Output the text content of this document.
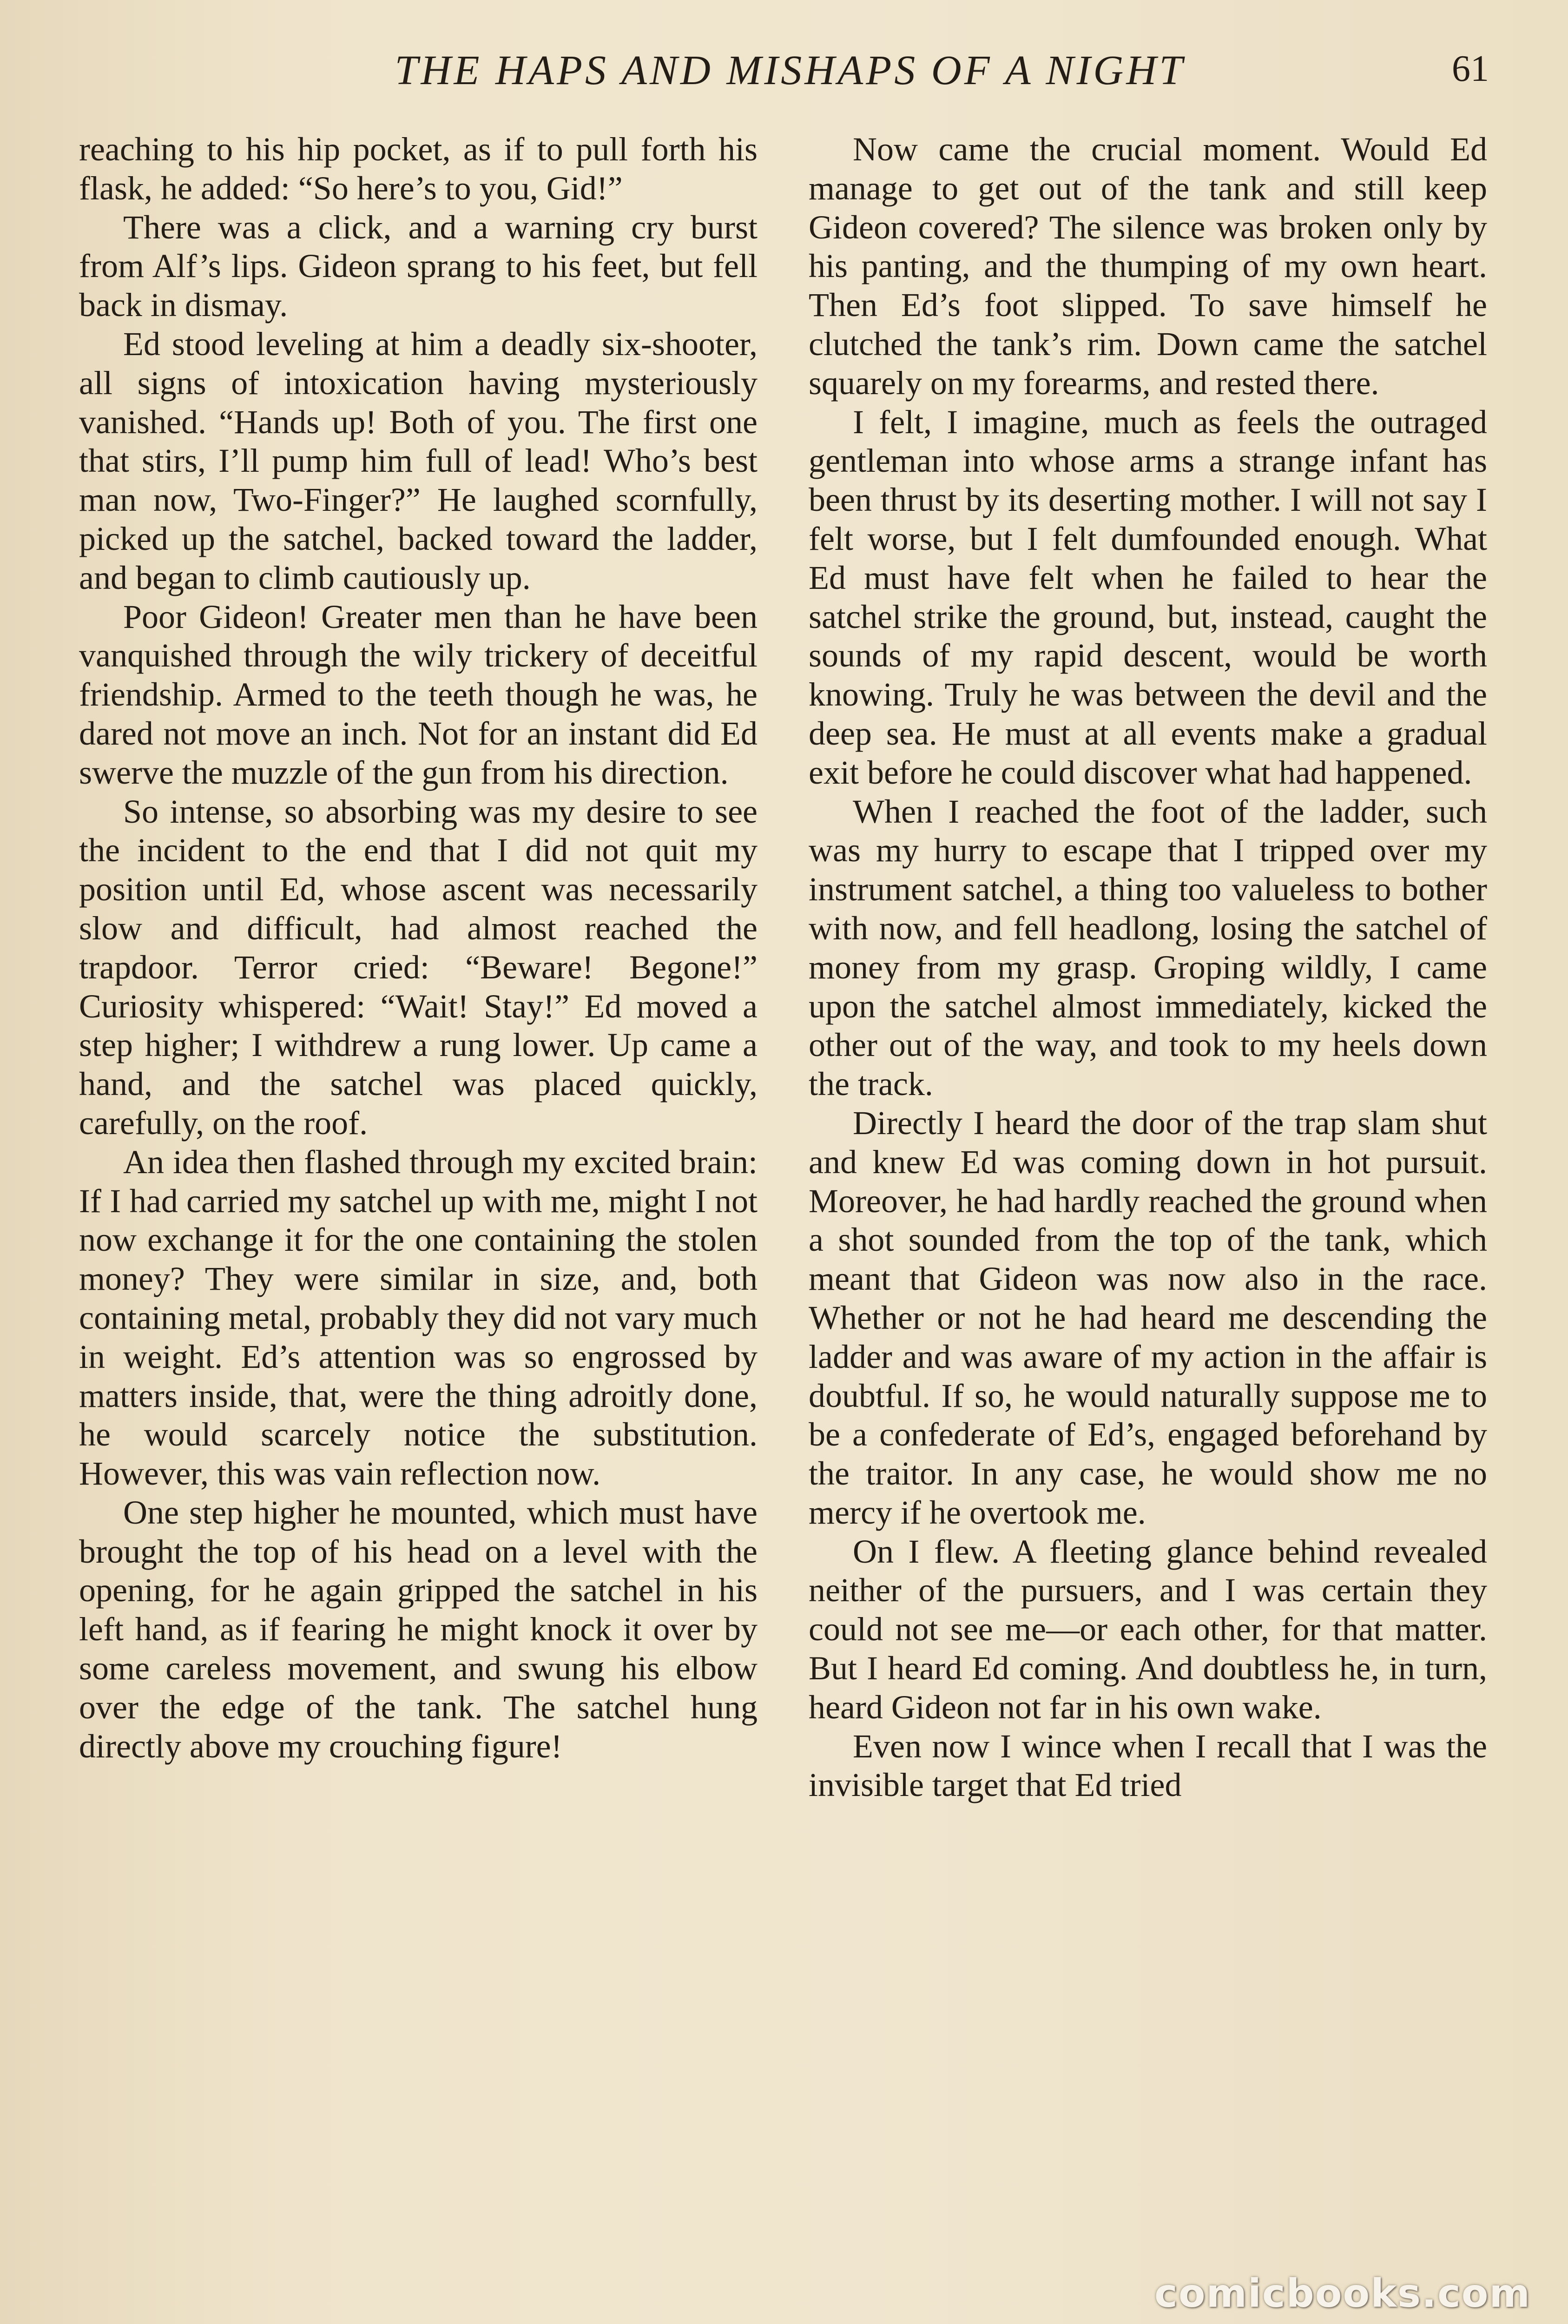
THE HAPS AND MISHAPS OF A NIGHT	61

reaching to his hip pocket, as if to pull forth his flask, he added: “So here’s to you, Gid!”

There was a click, and a warning cry burst from Alf’s lips. Gideon sprang to his feet, but fell back in dismay.

Ed stood leveling at him a deadly six-shooter, all signs of intoxication having mysteriously vanished. “Hands up! Both of you. The first one that stirs, I’ll pump him full of lead! Who’s best man now, Two-Finger?” He laughed scornfully, picked up the satchel, backed toward the ladder, and began to climb cautiously up.

Poor Gideon! Greater men than he have been vanquished through the wily trickery of deceitful friendship. Armed to the teeth though he was, he dared not move an inch. Not for an instant did Ed swerve the muzzle of the gun from his direction.

So intense, so absorbing was my desire to see the incident to the end that I did not quit my position until Ed, whose ascent was necessarily slow and difficult, had almost reached the trapdoor. Terror cried: “Beware! Begone!” Curiosity whispered: “Wait! Stay!” Ed moved a step higher; I withdrew a rung lower. Up came a hand, and the satchel was placed quickly, carefully, on the roof.

An idea then flashed through my excited brain: If I had carried my satchel up with me, might I not now exchange it for the one containing the stolen money? They were similar in size, and, both containing metal, probably they did not vary much in weight. Ed’s attention was so engrossed by matters inside, that, were the thing adroitly done, he would scarcely notice the substitution. However, this was vain reflection now.

One step higher he mounted, which must have brought the top of his head on a level with the opening, for he again gripped the satchel in his left hand, as if fearing he might knock it over by some careless movement, and swung his elbow over the edge of the tank. The satchel hung directly above my crouching figure!

Now came the crucial moment. Would Ed manage to get out of the tank and still keep Gideon covered? The silence was broken only by his panting, and the thumping of my own heart. Then Ed’s foot slipped. To save himself he clutched the tank’s rim. Down came the satchel squarely on my forearms, and rested there.

I felt, I imagine, much as feels the outraged gentleman into whose arms a strange infant has been thrust by its deserting mother. I will not say I felt worse, but I felt dumfounded enough. What Ed must have felt when he failed to hear the satchel strike the ground, but, instead, caught the sounds of my rapid descent, would be worth knowing. Truly he was between the devil and the deep sea. He must at all events make a gradual exit before he could discover what had happened.

When I reached the foot of the ladder, such was my hurry to escape that I tripped over my instrument satchel, a thing too valueless to bother with now, and fell headlong, losing the satchel of money from my grasp. Groping wildly, I came upon the satchel almost immediately, kicked the other out of the way, and took to my heels down the track.

Directly I heard the door of the trap slam shut and knew Ed was coming down in hot pursuit. Moreover, he had hardly reached the ground when a shot sounded from the top of the tank, which meant that Gideon was now also in the race. Whether or not he had heard me descending the ladder and was aware of my action in the affair is doubtful. If so, he would naturally suppose me to be a confederate of Ed’s, engaged beforehand by the traitor. In any case, he would show me no mercy if he overtook me.

On I flew. A fleeting glance behind revealed neither of the pursuers, and I was certain they could not see me—or each other, for that matter. But I heard Ed coming. And doubtless he, in turn, heard Gideon not far in his own wake.

Even now I wince when I recall that I was the invisible target that Ed tried

comicbooks.com
